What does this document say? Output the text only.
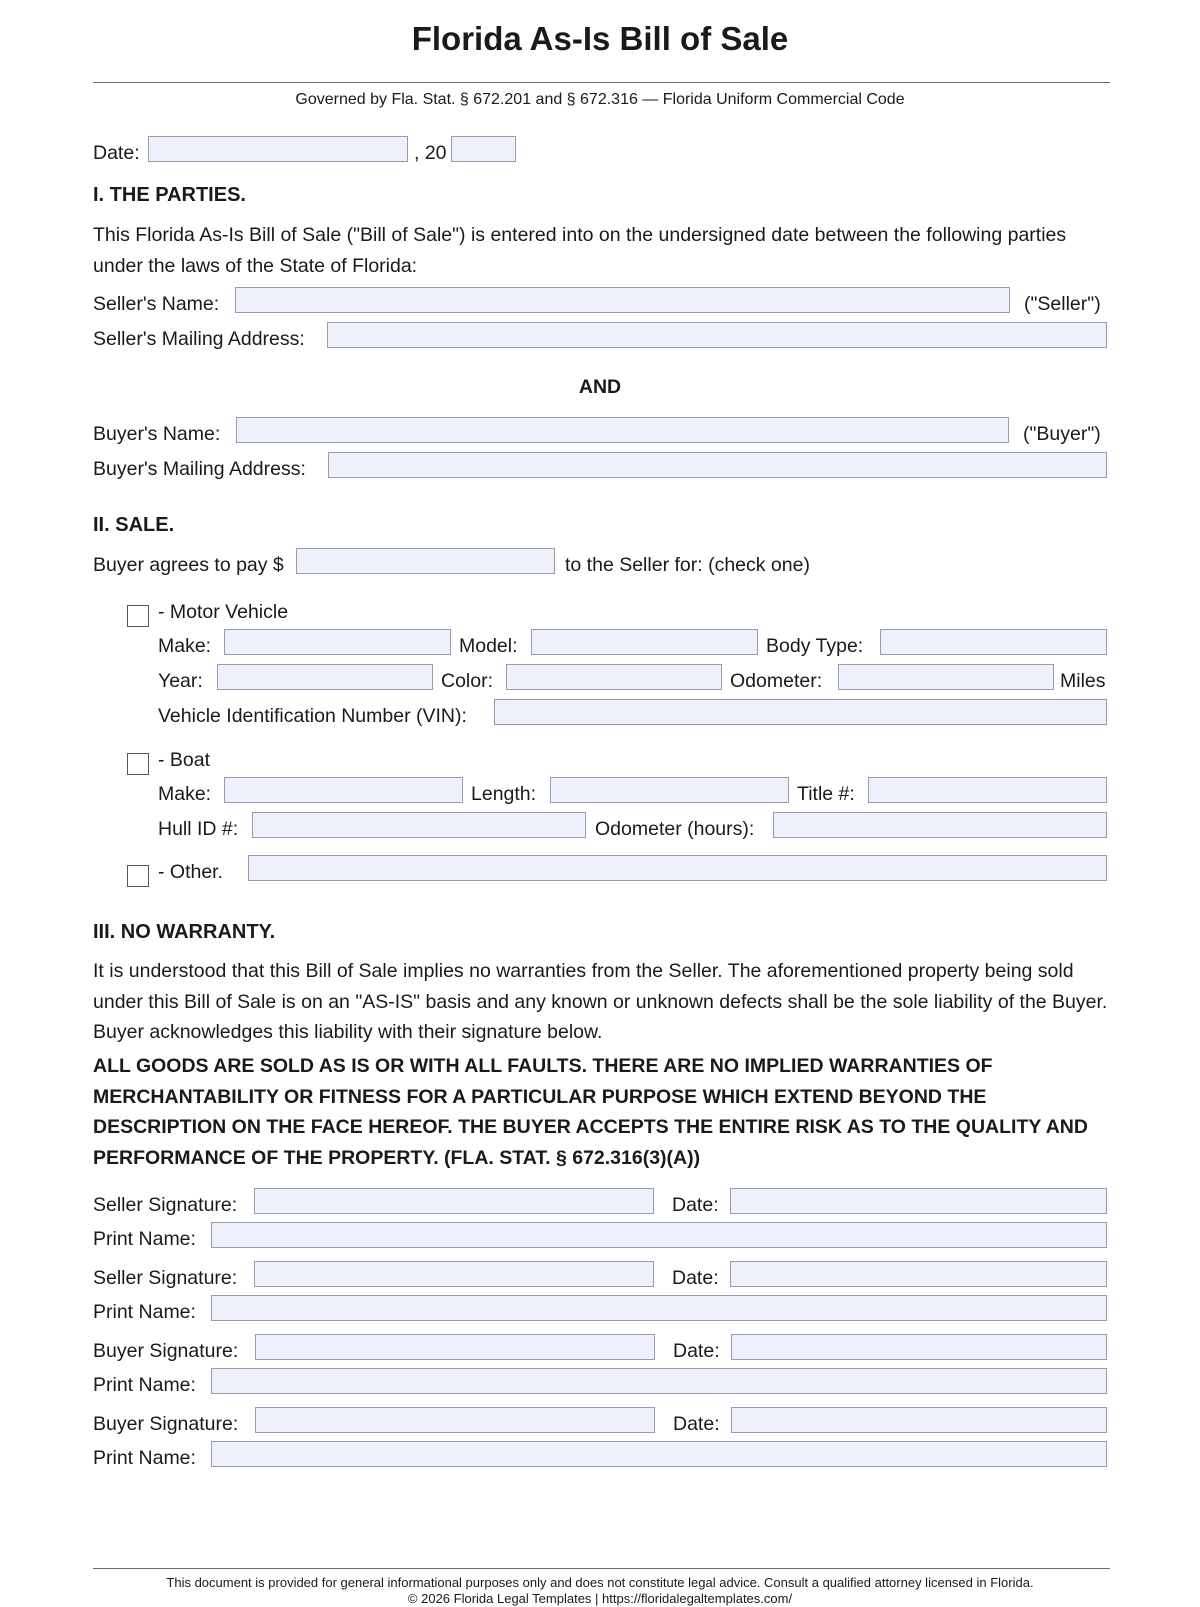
Florida As-Is Bill of Sale
Governed by Fla. Stat. § 672.201 and § 672.316 — Florida Uniform Commercial Code
Date:	, 20
I. THE PARTIES.
This Florida As-Is Bill of Sale ("Bill of Sale") is entered into on the undersigned date between the following parties under the laws of the State of Florida:
Seller's Name:	("Seller")
Seller's Mailing Address:
AND
Buyer's Name:	("Buyer")
Buyer's Mailing Address:
II. SALE.
Buyer agrees to pay $	to the Seller for: (check one)
- Motor Vehicle
Make:	Model:	Body Type:
Year:	Color:	Odometer:	Miles
Vehicle Identification Number (VIN):
- Boat
Make:	Length:	Title #:
Hull ID #:	Odometer (hours):
- Other.
III. NO WARRANTY.
It is understood that this Bill of Sale implies no warranties from the Seller. The aforementioned property being sold under this Bill of Sale is on an "AS-IS" basis and any known or unknown defects shall be the sole liability of the Buyer. Buyer acknowledges this liability with their signature below.
ALL GOODS ARE SOLD AS IS OR WITH ALL FAULTS. THERE ARE NO IMPLIED WARRANTIES OF MERCHANTABILITY OR FITNESS FOR A PARTICULAR PURPOSE WHICH EXTEND BEYOND THE DESCRIPTION ON THE FACE HEREOF. THE BUYER ACCEPTS THE ENTIRE RISK AS TO THE QUALITY AND PERFORMANCE OF THE PROPERTY. (FLA. STAT. § 672.316(3)(A))
Seller Signature:	Date:
Print Name:
Seller Signature:	Date:
Print Name:
Buyer Signature:	Date:
Print Name:
Buyer Signature:	Date:
Print Name:
This document is provided for general informational purposes only and does not constitute legal advice. Consult a qualified attorney licensed in Florida.
© 2026 Florida Legal Templates | https://floridalegaltemplates.com/
